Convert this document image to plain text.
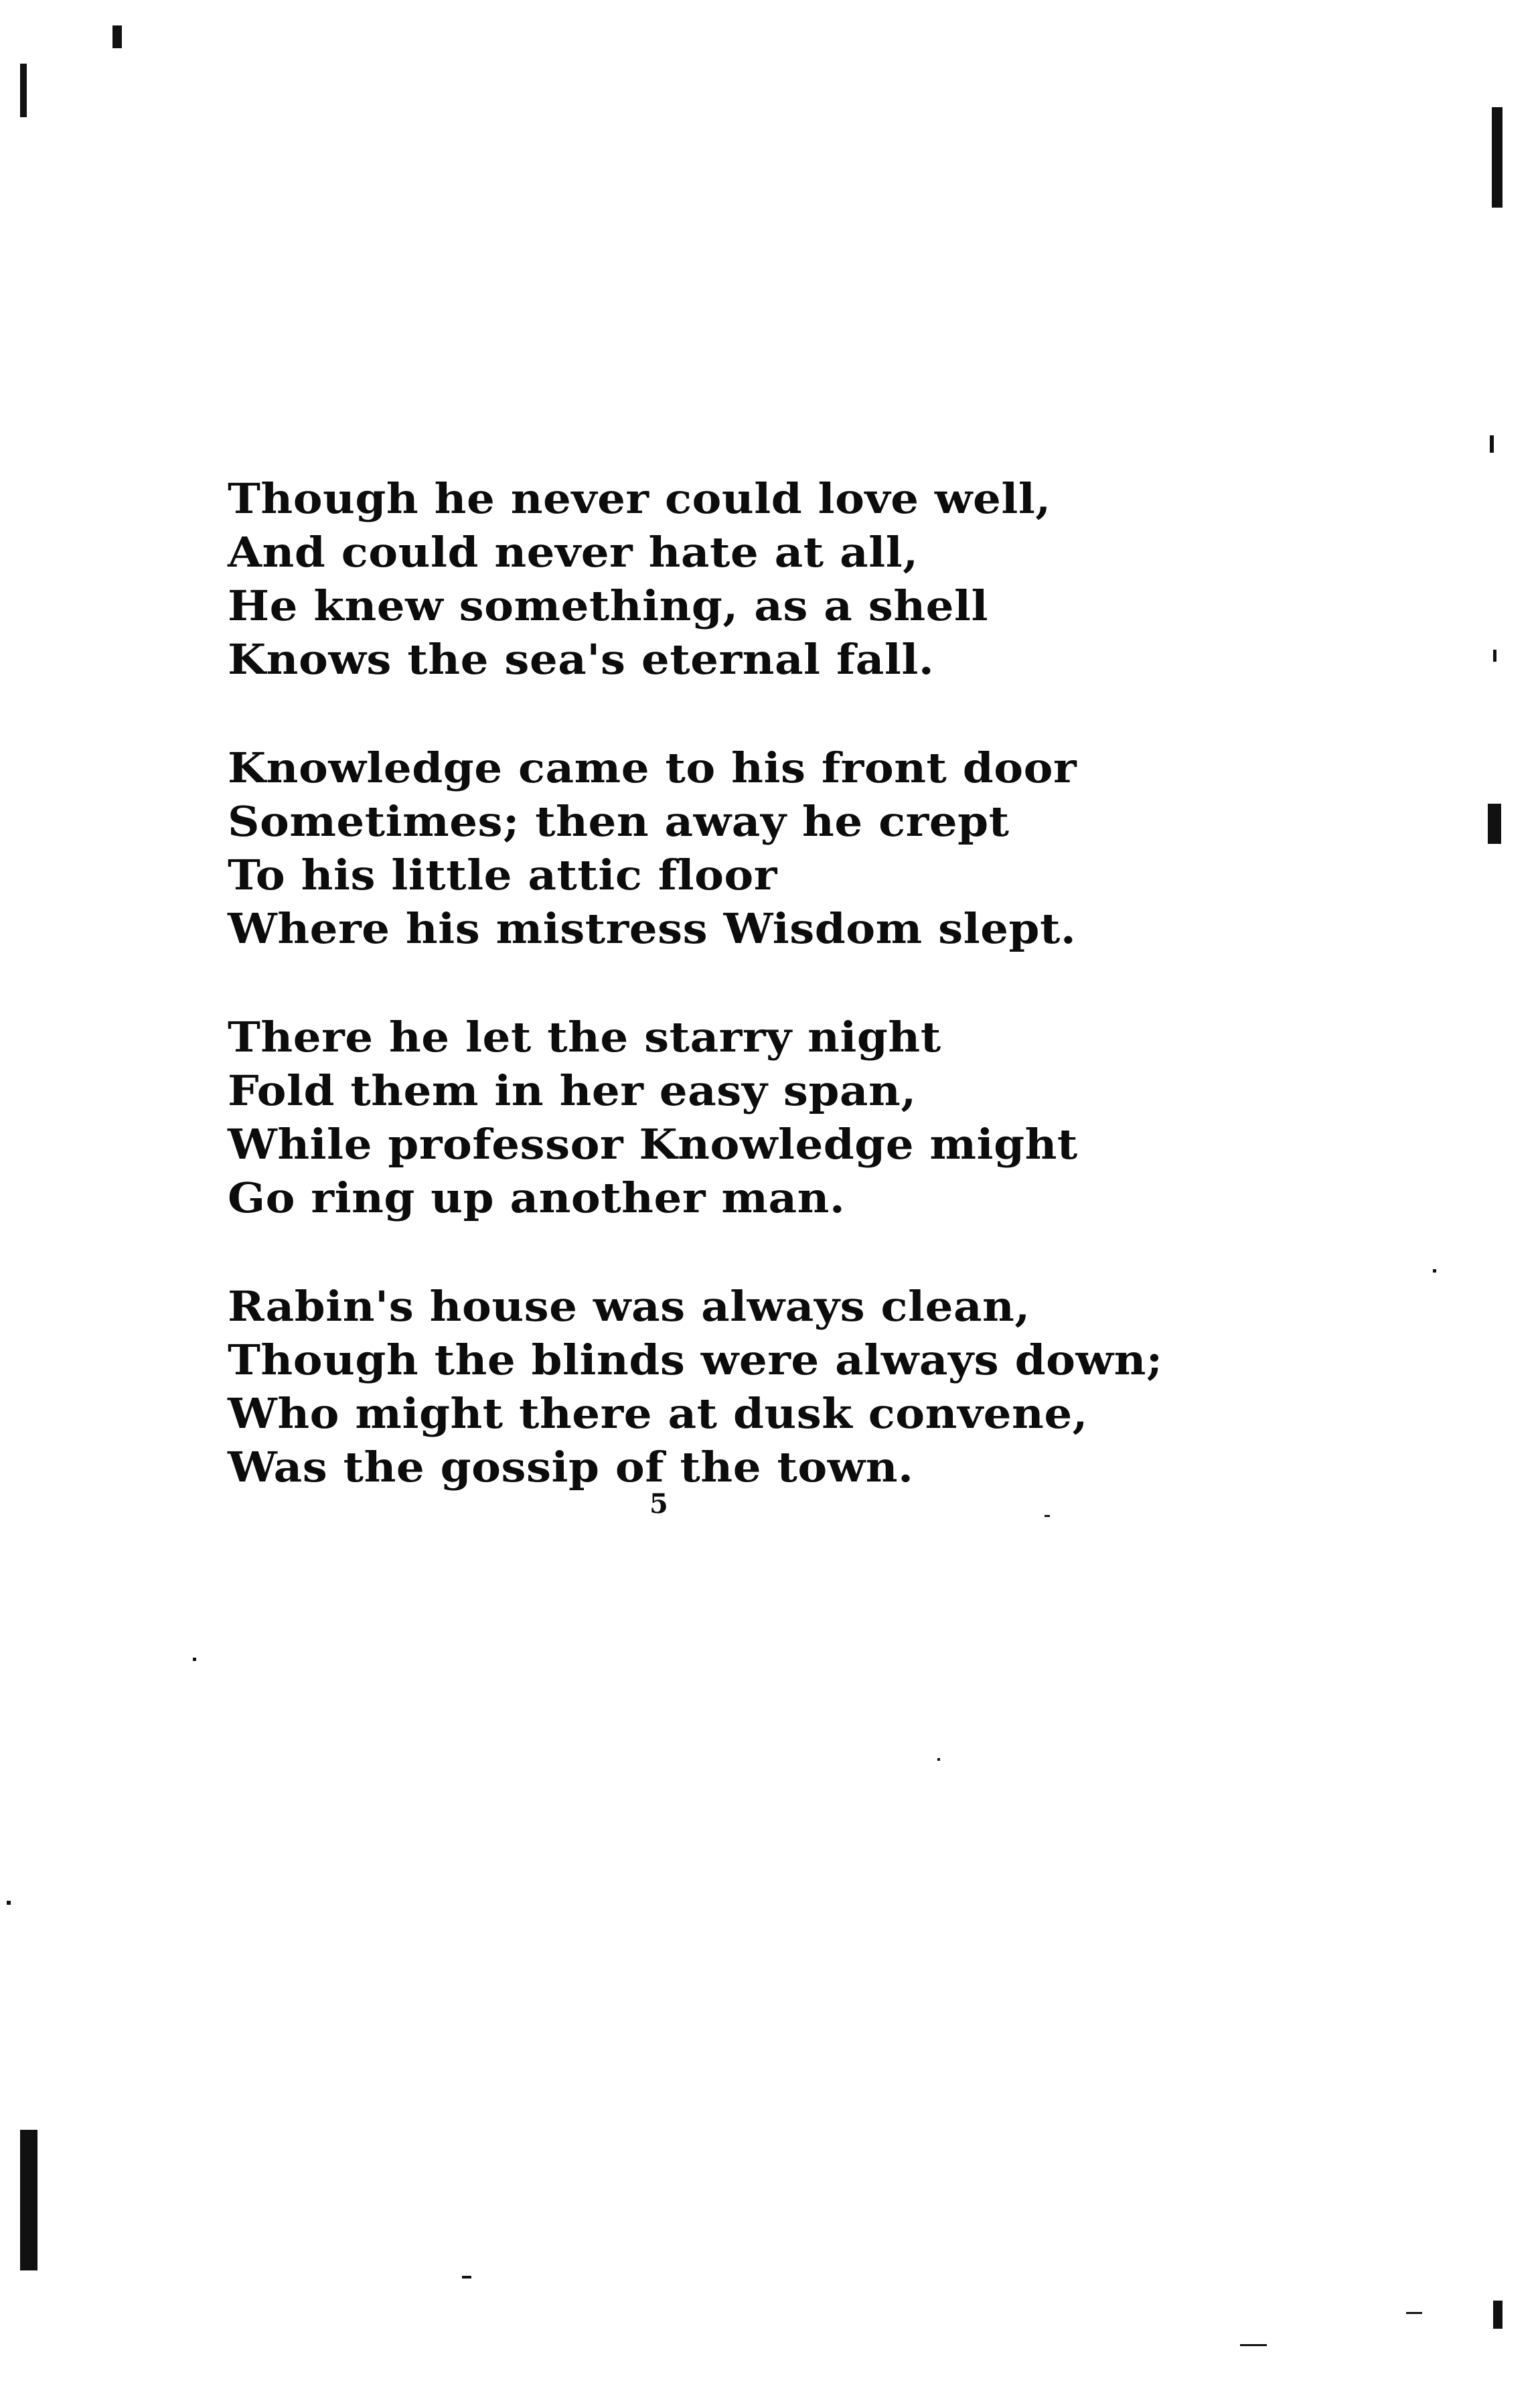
Though he never could love well,
And could never hate at all,
He knew something, as a shell
Knows the sea's eternal fall.
Knowledge came to his front door
Sometimes; then away he crept
To his little attic floor
Where his mistress Wisdom slept.
There he let the starry night
Fold them in her easy span,
While professor Knowledge might
Go ring up another man.
Rabin's house was always clean,
Though the blinds were always down;
Who might there at dusk convene,
Was the gossip of the town.
5
